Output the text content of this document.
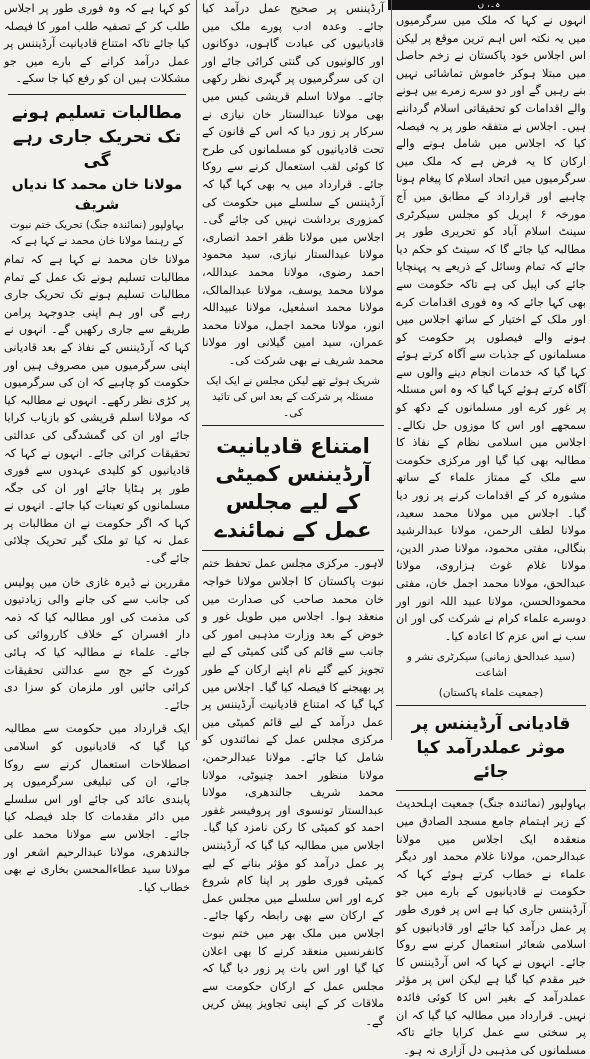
ہ۔، ں

انہوں نے کہا کہ ملک میں سرگرمیوں میں یہ نکتہ اس اہم ترین موقع پر لیکن اس اجلاس خود پاکستان نے زخم حاصل میں مبتلا ہوکر خاموش تماشائی نہیں بنے رہیں گے اور دو سرے زمرے بیں ہونے والے اقدامات کو تحقیقاتی اسلام گرداننے ہیں۔ اجلاس نے متفقہ طور پر یہ فیصلہ کیا کہ اجلاس میں شامل ہونے والے ارکان کا یہ فرض ہے کہ ملک میں سرگرمیوں میں اتحاد اسلام کا پیغام ہونا چاہیے اور قرارداد کے مطابق میں آج مورخہ ۶ اپریل کو مجلس سیکرٹری سینٹ اسلام آباد کو تحریری طور پر مطالبہ کیا جائے گا کہ سینٹ کو حکم دیا جائے کہ تمام وسائل کے ذریعے یہ پہنچایا جائے کی اپیل کی ہے تاکہ حکومت سے بھی کہا جائے کہ وہ فوری اقدامات کرے اور ملک کے اختیار کے ساتھ اجلاس میں ہونے والے فیصلوں پر حکومت کو مسلمانوں کے جذبات سے آگاہ کرتے ہوئے کہا گیا کہ خدمات انجام دینے والوں سے آگاہ کرتے ہوئے کہا گیا کہ وہ اس مسئلہ پر غور کرے اور مسلمانوں کے دکھ کو سمجھے اور اس کا موزوں حل نکالے۔ اجلاس میں اسلامی نظام کے نفاذ کا مطالبہ بھی کیا گیا اور مرکزی حکومت سے ملک کے ممتاز علماء کے ساتھ مشورہ کر کے اقدامات کرنے پر زور دیا گیا۔ اجلاس میں مولانا محمد سعید، مولانا لطف الرحمن، مولانا عبدالرشید بنگالی، مفتی محمود، مولانا صدر الدین، مولانا غلام غوث ہزاروی، مولانا عبدالحق، مولانا محمد اجمل خان، مفتی محمودالحسن، مولانا عبید اللہ انور اور دوسرے علماء کرام نے شرکت کی اور ان سب نے اس عزم کا اعادہ کیا۔

(سید عبدالحق زمانی) سیکرٹری نشر و اشاعت
(جمعیت علماء پاکستان)
قادیانی آرڈیننس پر موثر عملدرآمد کیا جائے

بہاولپور (نمائندہ جنگ) جمعیت اہلحدیث کے زیر اہتمام جامع مسجد الصادق میں منعقدہ ایک اجلاس میں مولانا عبدالرحمن، مولانا غلام محمد اور دیگر علماء نے خطاب کرتے ہوئے کہا کہ حکومت نے قادیانیوں کے بارے میں جو آرڈیننس جاری کیا ہے اس پر فوری طور پر عمل درآمد کیا جائے اور قادیانیوں کو اسلامی شعائر استعمال کرنے سے روکا جائے۔ انہوں نے کہا کہ اس آرڈیننس کا خیر مقدم کیا گیا ہے لیکن اس پر مؤثر عملدرآمد کے بغیر اس کا کوئی فائدہ نہیں۔ قرارداد میں مطالبہ کیا گیا کہ ان پر سختی سے عمل کرایا جائے تاکہ مسلمانوں کی مذہبی دل آزاری نہ ہو۔

آرڈیننس پر صحیح عمل درآمد کیا جائے۔ وعدہ ادب پورے ملک میں قادیانیوں کی عبادت گاہوں، دوکانوں اور کالونیوں کی گنتی کرائی جائے اور ان کی سرگرمیوں پر گہری نظر رکھی جائے۔ مولانا اسلم قریشی کیس میں بھی مولانا عبدالستار خان نیازی نے سرکار پر زور دیا کہ اس کے قانون کے تحت قادیانیوں کو مسلمانوں کی طرح کا کوئی لقب استعمال کرنے سے روکا جائے۔ قرارداد میں یہ بھی کہا گیا کہ آرڈیننس کے سلسلے میں حکومت کی کمزوری برداشت نہیں کی جائے گی۔ اجلاس میں مولانا ظفر احمد انصاری، مولانا عبدالستار نیازی، سید محمود احمد رضوی، مولانا محمد عبداللہ، مولانا محمد یوسف، مولانا عبدالمالک، مولانا محمد اسمٰعیل، مولانا عبیداللہ انور، مولانا محمد اجمل، مولانا محمد عمران، سید امین گیلانی اور مولانا محمد شریف نے بھی شرکت کی۔

شریک ہوئے تھے لیکن مجلس نے ایک ایک مسئلہ پر شرکت کے بعد اس کی تائید کی۔
امتناع قادیانیت آرڈیننس کمیٹی کے لیے مجلس عمل کے نمائندے

لاہور۔ مرکزی مجلس عمل تحفظ ختم نبوت پاکستان کا اجلاس مولانا خواجہ خان محمد صاحب کی صدارت میں منعقد ہوا۔ اجلاس میں طویل غور و خوض کے بعد وزارت مذہبی امور کی جانب سے قائم کی گئی کمیٹی کے لیے تجویز کیے گئے نام اپنے ارکان کے طور پر بھیجنے کا فیصلہ کیا گیا۔ اجلاس میں کہا گیا کہ امتناع قادیانیت آرڈیننس پر عمل درآمد کے لیے قائم کمیٹی میں مرکزی مجلس عمل کے نمائندوں کو شامل کیا جائے۔ مولانا عبدالرحمن، مولانا منظور احمد چنیوٹی، مولانا محمد شریف جالندھری، مولانا عبدالستار تونسوی اور پروفیسر غفور احمد کو کمیٹی کا رکن نامزد کیا گیا۔ اجلاس میں مطالبہ کیا گیا کہ آرڈیننس پر عمل درآمد کو مؤثر بنانے کے لیے کمیٹی فوری طور پر اپنا کام شروع کرے اور اس سلسلے میں مجلس عمل کے ارکان سے بھی رابطہ رکھا جائے۔ اجلاس میں ملک بھر میں ختم نبوت کانفرنسیں منعقد کرنے کا بھی اعلان کیا گیا اور اس بات پر زور دیا گیا کہ مجلس عمل کے ارکان حکومت سے ملاقات کر کے اپنی تجاویز پیش کریں گے۔

کو کہا ہے کہ وہ فوری طور پر اجلاس طلب کر کے تصفیہ طلب امور کا فیصلہ کیا جائے تاکہ امتناع قادیانیت آرڈیننس پر عمل درآمد کرانے کے بارے میں جو مشکلات ہیں ان کو رفع کیا جا سکے۔

مطالبات تسلیم ہونے تک تحریک جاری رہے گی
مولانا خان محمد کا ندیاں شریف
بہاولپور (نمائندہ جنگ) تحریک ختم نبوت کے رہنما مولانا خان محمد نے کہا ہے کہ

مولانا خان محمد نے کہا ہے کہ تمام مطالبات تسلیم ہونے تک عمل کے تمام مطالبات تسلیم ہونے تک تحریک جاری رہے گی اور ہم اپنی جدوجہد پرامن طریقے سے جاری رکھیں گے۔ انہوں نے کہا کہ آرڈیننس کے نفاذ کے بعد قادیانی اپنی سرگرمیوں میں مصروف ہیں اور حکومت کو چاہیے کہ ان کی سرگرمیوں پر کڑی نظر رکھے۔ انہوں نے مطالبہ کیا کہ مولانا اسلم قریشی کو بازیاب کرایا جائے اور ان کی گمشدگی کی عدالتی تحقیقات کرائی جائے۔ انہوں نے کہا کہ قادیانیوں کو کلیدی عہدوں سے فوری طور پر ہٹایا جائے اور ان کی جگہ مسلمانوں کو تعینات کیا جائے۔ انہوں نے کہا کہ اگر حکومت نے ان مطالبات پر عمل نہ کیا تو ملک گیر تحریک چلائی جائے گی۔

مقررین نے ڈیرہ غازی خان میں پولیس کی جانب سے کی جانے والی زیادتیوں کی مذمت کی اور مطالبہ کیا کہ ذمہ دار افسران کے خلاف کارروائی کی جائے۔ علماء نے مطالبہ کیا کہ ہائی کورٹ کے جج سے عدالتی تحقیقات کرائی جائیں اور ملزمان کو سزا دی جائے۔

ایک قرارداد میں حکومت سے مطالبہ کیا گیا کہ قادیانیوں کو اسلامی اصطلاحات استعمال کرنے سے روکا جائے، ان کی تبلیغی سرگرمیوں پر پابندی عائد کی جائے اور اس سلسلے میں دائر مقدمات کا جلد فیصلہ کیا جائے۔ اجلاس سے مولانا محمد علی جالندھری، مولانا عبدالرحیم اشعر اور مولانا سید عطاءالمحسن بخاری نے بھی خطاب کیا۔
